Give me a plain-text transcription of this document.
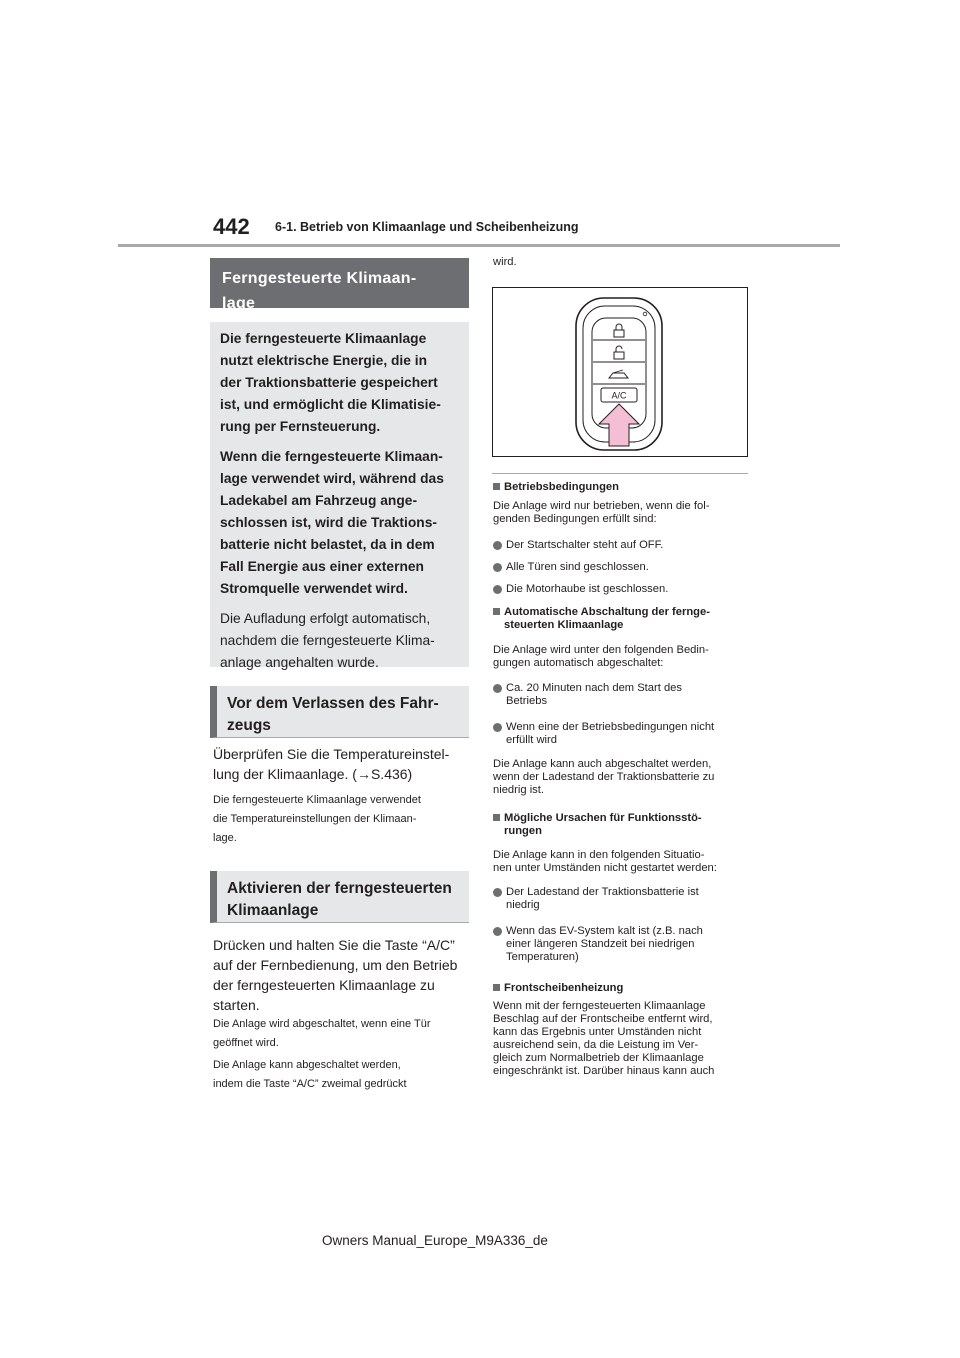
442 6-1. Betrieb von Klimaanlage und Scheibenheizung
Ferngesteuerte Klimaan-
lage

Die ferngesteuerte Klimaanlage
nutzt elektrische Energie, die in
der Traktionsbatterie gespeichert
ist, und ermöglicht die Klimatisie-
rung per Fernsteuerung.

Wenn die ferngesteuerte Klimaan-
lage verwendet wird, während das
Ladekabel am Fahrzeug ange-
schlossen ist, wird die Traktions-
batterie nicht belastet, da in dem
Fall Energie aus einer externen
Stromquelle verwendet wird.

Die Aufladung erfolgt automatisch,
nachdem die ferngesteuerte Klima-
anlage angehalten wurde.

Vor dem Verlassen des Fahr-
zeugs
Überprüfen Sie die Temperatureinstel-
lung der Klimaanlage. (→S.436)
Die ferngesteuerte Klimaanlage verwendet
die Temperatureinstellungen der Klimaan-
lage.
Aktivieren der ferngesteuerten
Klimaanlage
Drücken und halten Sie die Taste “A/C”
auf der Fernbedienung, um den Betrieb
der ferngesteuerten Klimaanlage zu
starten.
Die Anlage wird abgeschaltet, wenn eine Tür
geöffnet wird.
Die Anlage kann abgeschaltet werden,
indem die Taste “A/C” zweimal gedrückt
wird.
A/C
Betriebsbedingungen
Die Anlage wird nur betrieben, wenn die fol-
genden Bedingungen erfüllt sind:
Der Startschalter steht auf OFF.
Alle Türen sind geschlossen.
Die Motorhaube ist geschlossen.
Automatische Abschaltung der fernge-
steuerten Klimaanlage
Die Anlage wird unter den folgenden Bedin-
gungen automatisch abgeschaltet:
Ca. 20 Minuten nach dem Start des
Betriebs
Wenn eine der Betriebsbedingungen nicht
erfüllt wird
Die Anlage kann auch abgeschaltet werden,
wenn der Ladestand der Traktionsbatterie zu
niedrig ist.
Mögliche Ursachen für Funktionsstö-
rungen
Die Anlage kann in den folgenden Situatio-
nen unter Umständen nicht gestartet werden:
Der Ladestand der Traktionsbatterie ist
niedrig
Wenn das EV-System kalt ist (z.B. nach
einer längeren Standzeit bei niedrigen
Temperaturen)
Frontscheibenheizung
Wenn mit der ferngesteuerten Klimaanlage
Beschlag auf der Frontscheibe entfernt wird,
kann das Ergebnis unter Umständen nicht
ausreichend sein, da die Leistung im Ver-
gleich zum Normalbetrieb der Klimaanlage
eingeschränkt ist. Darüber hinaus kann auch
Owners Manual_Europe_M9A336_de
